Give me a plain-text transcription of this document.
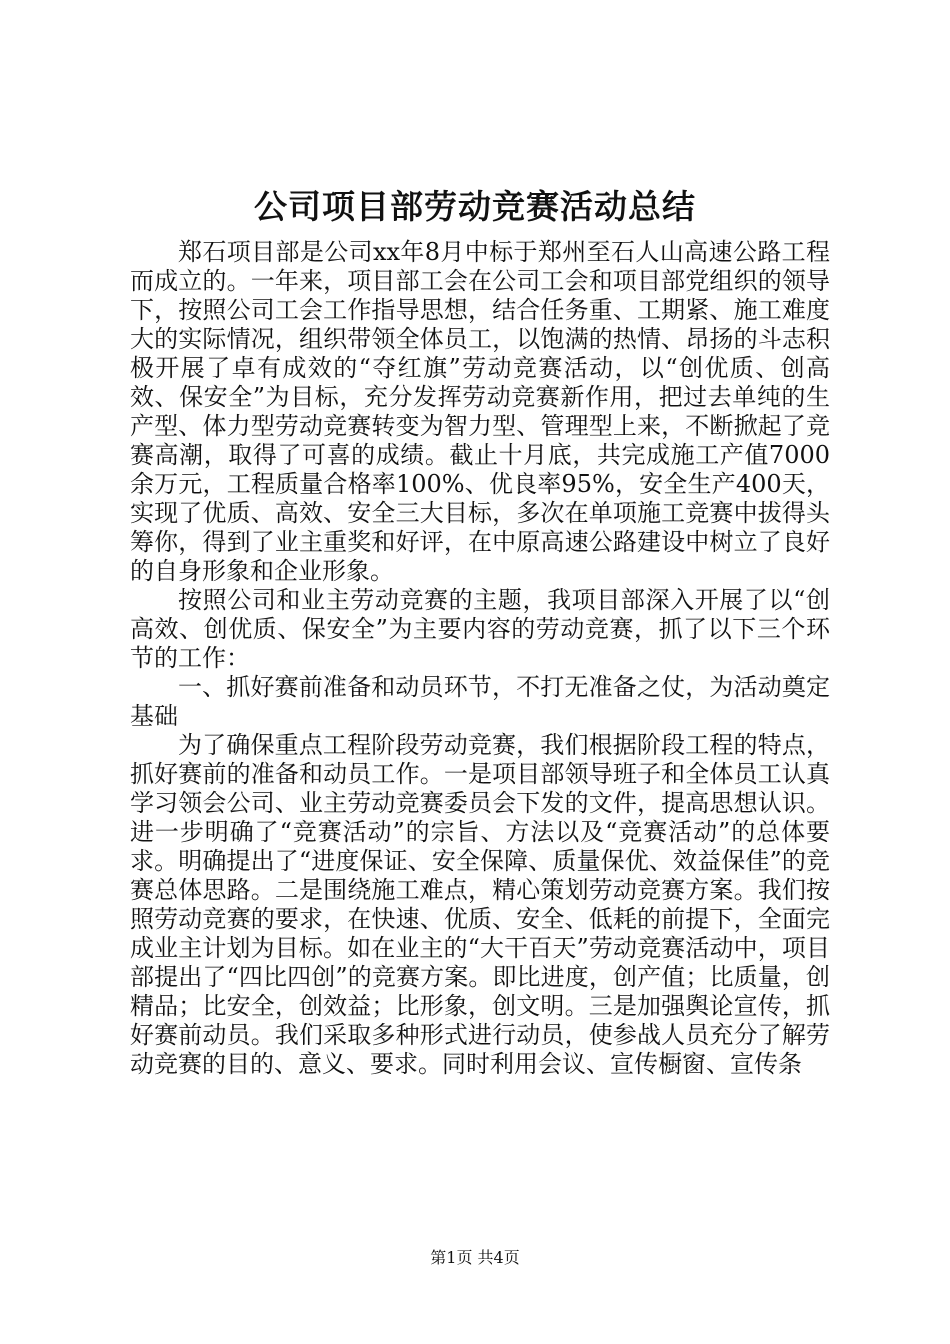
公司项目部劳动竞赛活动总结

郑石项目部是公司xx年8月中标于郑州至石人山高速公路工程而成立的。一年来，项目部工会在公司工会和项目部党组织的领导下，按照公司工会工作指导思想，结合任务重、工期紧、施工难度大的实际情况，组织带领全体员工，以饱满的热情、昂扬的斗志积极开展了卓有成效的“夺红旗”劳动竞赛活动，以“创优质、创高效、保安全”为目标，充分发挥劳动竞赛新作用，把过去单纯的生产型、体力型劳动竞赛转变为智力型、管理型上来，不断掀起了竞赛高潮，取得了可喜的成绩。截止十月底，共完成施工产值7000余万元，工程质量合格率100%、优良率95%，安全生产400天，实现了优质、高效、安全三大目标，多次在单项施工竞赛中拔得头筹你，得到了业主重奖和好评，在中原高速公路建设中树立了良好的自身形象和企业形象。

按照公司和业主劳动竞赛的主题，我项目部深入开展了以“创高效、创优质、保安全”为主要内容的劳动竞赛，抓了以下三个环节的工作：

一、抓好赛前准备和动员环节，不打无准备之仗，为活动奠定基础

为了确保重点工程阶段劳动竞赛，我们根据阶段工程的特点，抓好赛前的准备和动员工作。一是项目部领导班子和全体员工认真学习领会公司、业主劳动竞赛委员会下发的文件，提高思想认识。进一步明确了“竞赛活动”的宗旨、方法以及“竞赛活动”的总体要求。明确提出了“进度保证、安全保障、质量保优、效益保佳”的竞赛总体思路。二是围绕施工难点，精心策划劳动竞赛方案。我们按照劳动竞赛的要求，在快速、优质、安全、低耗的前提下，全面完成业主计划为目标。如在业主的“大干百天”劳动竞赛活动中，项目部提出了“四比四创”的竞赛方案。即比进度，创产值；比质量，创精品；比安全，创效益；比形象，创文明。三是加强舆论宣传，抓好赛前动员。我们采取多种形式进行动员，使参战人员充分了解劳动竞赛的目的、意义、要求。同时利用会议、宣传橱窗、宣传条

第1页 共4页
